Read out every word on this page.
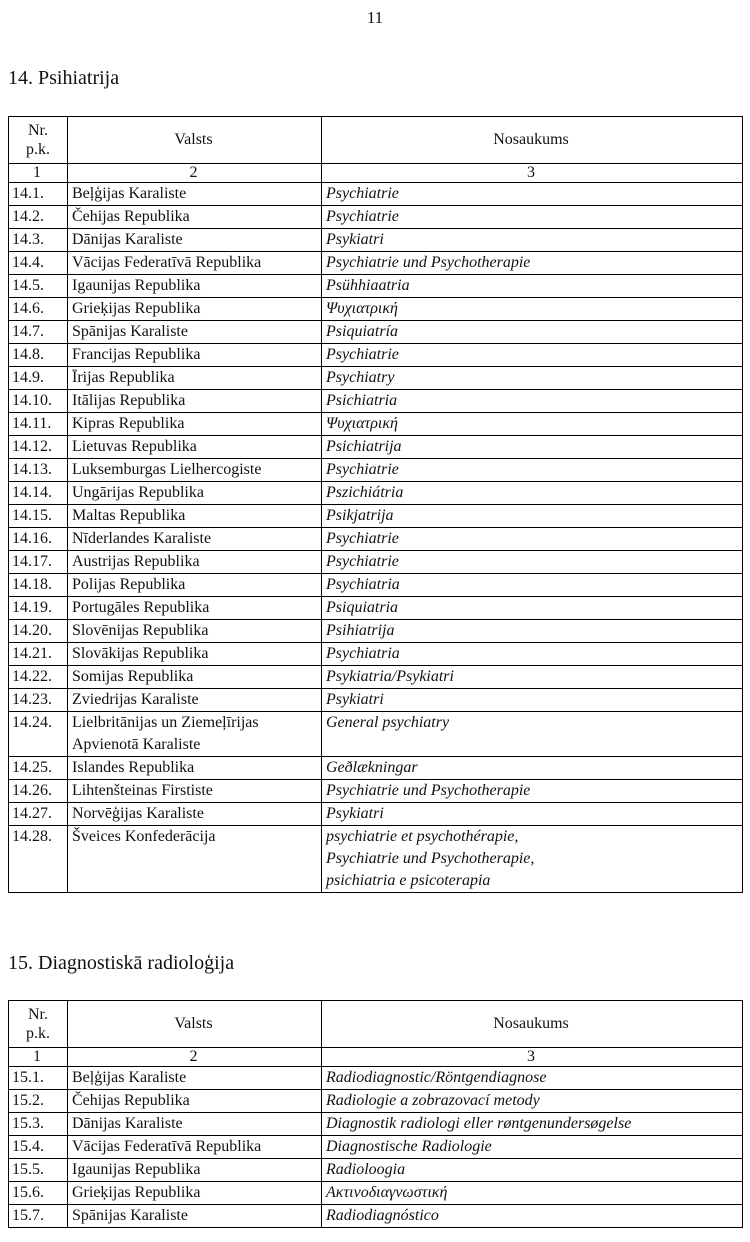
11
14. Psihiatrija
Nr.
p.k.	Valsts	Nosaukums
1	2	3
14.1.	Beļģijas Karaliste	Psychiatrie
14.2.	Čehijas Republika	Psychiatrie
14.3.	Dānijas Karaliste	Psykiatri
14.4.	Vācijas Federatīvā Republika	Psychiatrie und Psychotherapie
14.5.	Igaunijas Republika	Psühhiaatria
14.6.	Grieķijas Republika	Ψυχιατρική
14.7.	Spānijas Karaliste	Psiquiatría
14.8.	Francijas Republika	Psychiatrie
14.9.	Īrijas Republika	Psychiatry
14.10.	Itālijas Republika	Psichiatria
14.11.	Kipras Republika	Ψυχιατρική
14.12.	Lietuvas Republika	Psichiatrija
14.13.	Luksemburgas Lielhercogiste	Psychiatrie
14.14.	Ungārijas Republika	Pszichiátria
14.15.	Maltas Republika	Psikjatrija
14.16.	Nīderlandes Karaliste	Psychiatrie
14.17.	Austrijas Republika	Psychiatrie
14.18.	Polijas Republika	Psychiatria
14.19.	Portugāles Republika	Psiquiatria
14.20.	Slovēnijas Republika	Psihiatrija
14.21.	Slovākijas Republika	Psychiatria
14.22.	Somijas Republika	Psykiatria/Psykiatri
14.23.	Zviedrijas Karaliste	Psykiatri
14.24.	Lielbritānijas un Ziemeļīrijas
Apvienotā Karaliste	General psychiatry
14.25.	Islandes Republika	Geðlækningar
14.26.	Lihtenšteinas Firstiste	Psychiatrie und Psychotherapie
14.27.	Norvēģijas Karaliste	Psykiatri
14.28.	Šveices Konfederācija	psychiatrie et psychothérapie,
Psychiatrie und Psychotherapie,
psichiatria e psicoterapia
15. Diagnostiskā radioloģija
Nr.
p.k.	Valsts	Nosaukums
1	2	3
15.1.	Beļģijas Karaliste	Radiodiagnostic/Röntgendiagnose
15.2.	Čehijas Republika	Radiologie a zobrazovací metody
15.3.	Dānijas Karaliste	Diagnostik radiologi eller røntgenundersøgelse
15.4.	Vācijas Federatīvā Republika	Diagnostische Radiologie
15.5.	Igaunijas Republika	Radioloogia
15.6.	Grieķijas Republika	Ακτινοδιαγνωστική
15.7.	Spānijas Karaliste	Radiodiagnóstico
